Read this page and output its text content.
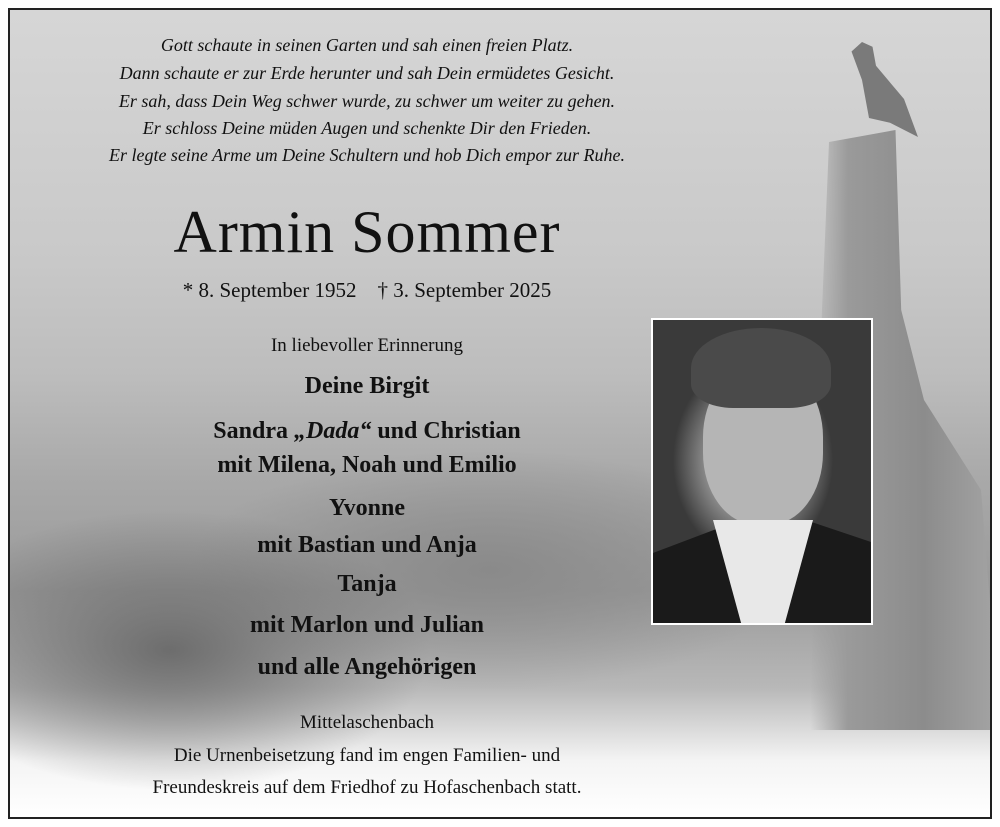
Gott schaute in seinen Garten und sah einen freien Platz.
Dann schaute er zur Erde herunter und sah Dein ermüdetes Gesicht.
Er sah, dass Dein Weg schwer wurde, zu schwer um weiter zu gehen.
Er schloss Deine müden Augen und schenkte Dir den Frieden.
Er legte seine Arme um Deine Schultern und hob Dich empor zur Ruhe.
Armin Sommer
* 8. September 1952 † 3. September 2025
In liebevoller Erinnerung
Deine Birgit
Sandra „Dada“ und Christian
mit Milena, Noah und Emilio
Yvonne
mit Bastian und Anja
Tanja
mit Marlon und Julian
und alle Angehörigen
Mittelaschenbach
Die Urnenbeisetzung fand im engen Familien- und
Freundeskreis auf dem Friedhof zu Hofaschenbach statt.
